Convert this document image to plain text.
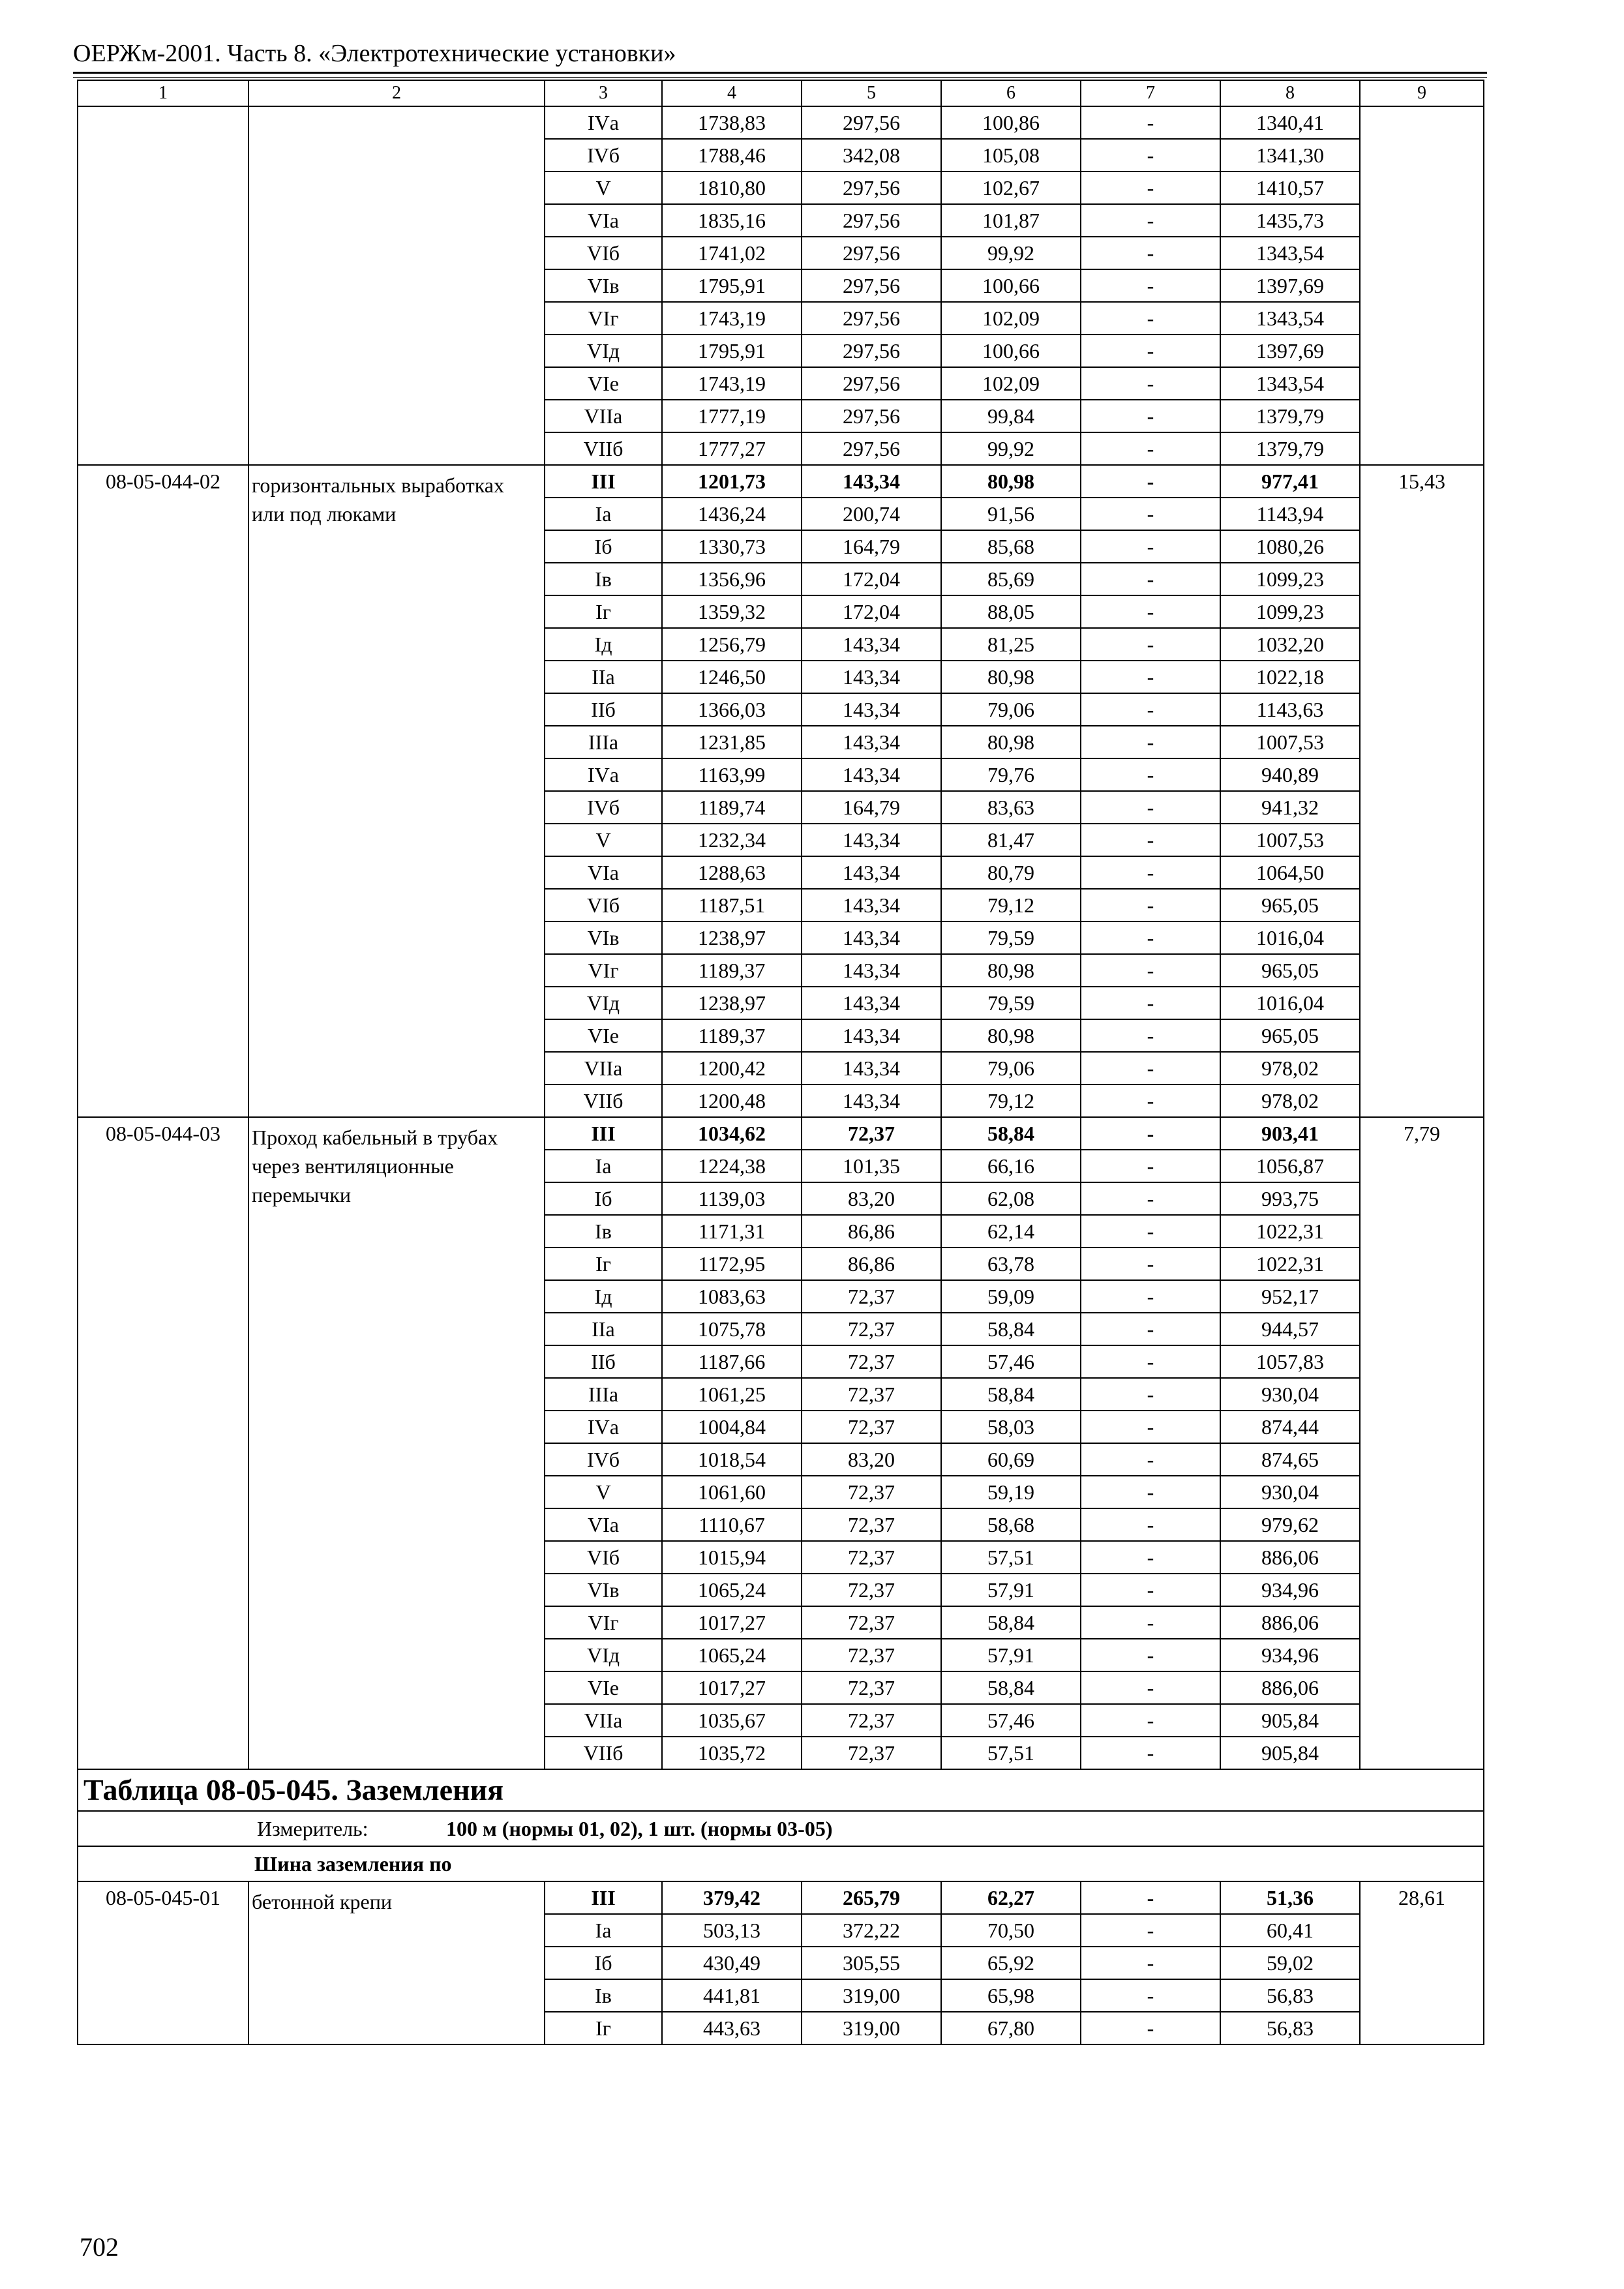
ОЕРЖм-2001. Часть 8. «Электротехнические установки»
1	2	3	4	5	6	7	8	9
		IVа	1738,83	297,56	100,86	-	1340,41	
		IVб	1788,46	342,08	105,08	-	1341,30	
		V	1810,80	297,56	102,67	-	1410,57	
		VIа	1835,16	297,56	101,87	-	1435,73	
		VIб	1741,02	297,56	99,92	-	1343,54	
		VIв	1795,91	297,56	100,66	-	1397,69	
		VIг	1743,19	297,56	102,09	-	1343,54	
		VIд	1795,91	297,56	100,66	-	1397,69	
		VIе	1743,19	297,56	102,09	-	1343,54	
		VIIа	1777,19	297,56	99,84	-	1379,79	
		VIIб	1777,27	297,56	99,92	-	1379,79	
08-05-044-02	горизонтальных выработках или под люками	III	1201,73	143,34	80,98	-	977,41	15,43
		Iа	1436,24	200,74	91,56	-	1143,94	
		Iб	1330,73	164,79	85,68	-	1080,26	
		Iв	1356,96	172,04	85,69	-	1099,23	
		Iг	1359,32	172,04	88,05	-	1099,23	
		Iд	1256,79	143,34	81,25	-	1032,20	
		IIа	1246,50	143,34	80,98	-	1022,18	
		IIб	1366,03	143,34	79,06	-	1143,63	
		IIIа	1231,85	143,34	80,98	-	1007,53	
		IVа	1163,99	143,34	79,76	-	940,89	
		IVб	1189,74	164,79	83,63	-	941,32	
		V	1232,34	143,34	81,47	-	1007,53	
		VIа	1288,63	143,34	80,79	-	1064,50	
		VIб	1187,51	143,34	79,12	-	965,05	
		VIв	1238,97	143,34	79,59	-	1016,04	
		VIг	1189,37	143,34	80,98	-	965,05	
		VIд	1238,97	143,34	79,59	-	1016,04	
		VIе	1189,37	143,34	80,98	-	965,05	
		VIIа	1200,42	143,34	79,06	-	978,02	
		VIIб	1200,48	143,34	79,12	-	978,02	
08-05-044-03	Проход кабельный в трубах через вентиляционные перемычки	III	1034,62	72,37	58,84	-	903,41	7,79
		Iа	1224,38	101,35	66,16	-	1056,87	
		Iб	1139,03	83,20	62,08	-	993,75	
		Iв	1171,31	86,86	62,14	-	1022,31	
		Iг	1172,95	86,86	63,78	-	1022,31	
		Iд	1083,63	72,37	59,09	-	952,17	
		IIа	1075,78	72,37	58,84	-	944,57	
		IIб	1187,66	72,37	57,46	-	1057,83	
		IIIа	1061,25	72,37	58,84	-	930,04	
		IVа	1004,84	72,37	58,03	-	874,44	
		IVб	1018,54	83,20	60,69	-	874,65	
		V	1061,60	72,37	59,19	-	930,04	
		VIа	1110,67	72,37	58,68	-	979,62	
		VIб	1015,94	72,37	57,51	-	886,06	
		VIв	1065,24	72,37	57,91	-	934,96	
		VIг	1017,27	72,37	58,84	-	886,06	
		VIд	1065,24	72,37	57,91	-	934,96	
		VIе	1017,27	72,37	58,84	-	886,06	
		VIIа	1035,67	72,37	57,46	-	905,84	
		VIIб	1035,72	72,37	57,51	-	905,84	
Таблица 08-05-045. Заземления								
Измеритель: 100 м (нормы 01, 02), 1 шт. (нормы 03-05)								
Шина заземления по								
08-05-045-01	бетонной крепи	III	379,42	265,79	62,27	-	51,36	28,61
		Iа	503,13	372,22	70,50	-	60,41	
		Iб	430,49	305,55	65,92	-	59,02	
		Iв	441,81	319,00	65,98	-	56,83	
		Iг	443,63	319,00	67,80	-	56,83	
702
